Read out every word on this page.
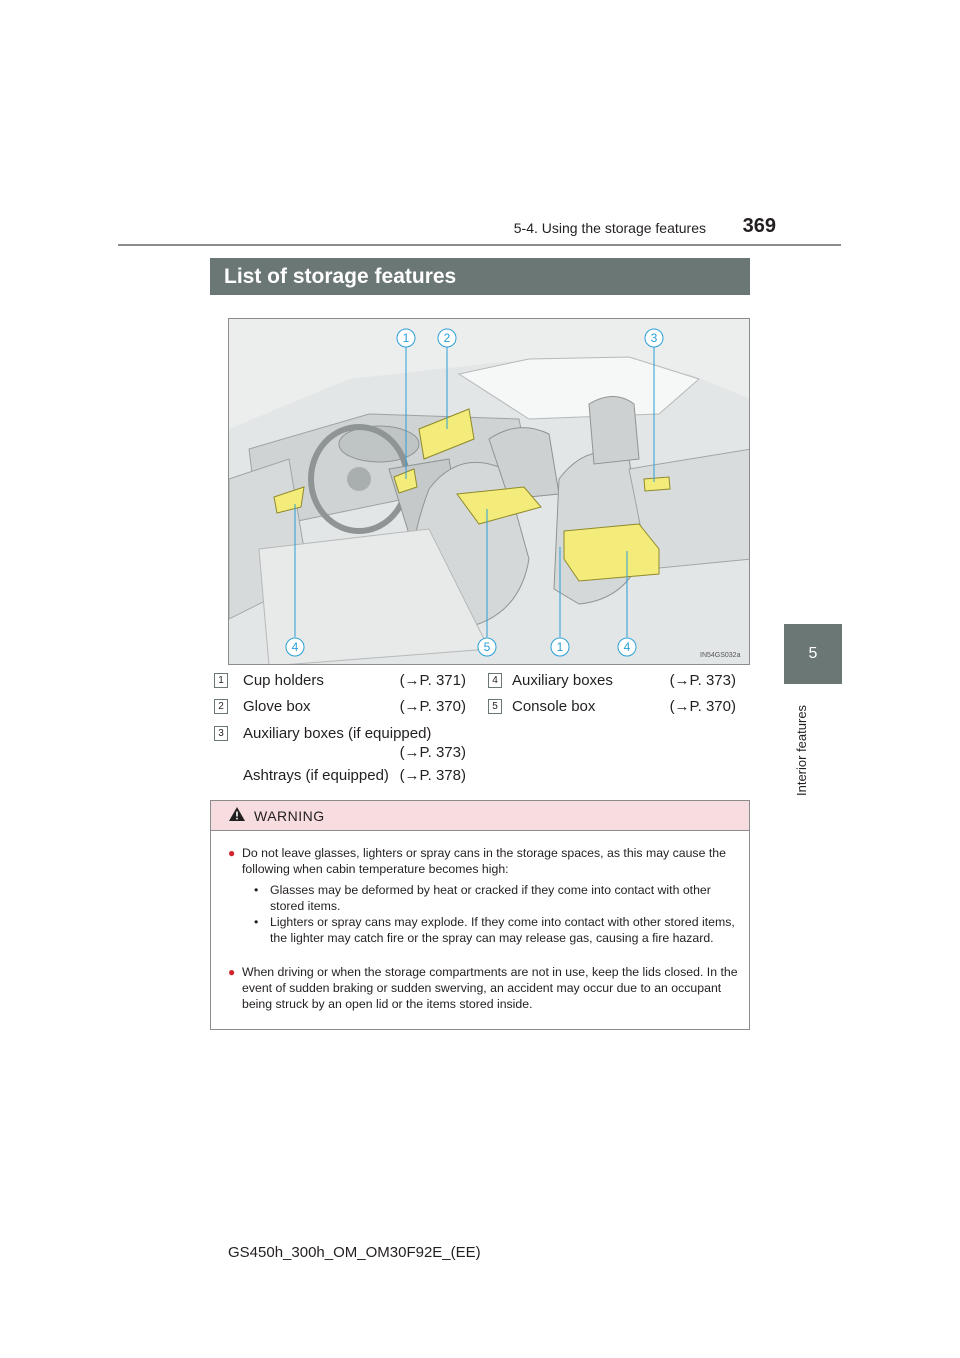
5-4. Using the storage features	369
5
Interior features
List of storage features
1	2	3
4	5	1	4
IN54GS032a
1 Cup holders	(→P. 371)
2 Glove box	(→P. 370)
3 Auxiliary boxes (if equipped)
(→P. 373)
Ashtrays (if equipped) (→P. 378)
4 Auxiliary boxes	(→P. 373)
5 Console box	(→P. 370)
WARNING
● Do not leave glasses, lighters or spray cans in the storage spaces, as this may cause the following when cabin temperature becomes high:
• Glasses may be deformed by heat or cracked if they come into contact with other stored items.
• Lighters or spray cans may explode. If they come into contact with other stored items, the lighter may catch fire or the spray can may release gas, causing a fire hazard.
● When driving or when the storage compartments are not in use, keep the lids closed. In the event of sudden braking or sudden swerving, an accident may occur due to an occupant being struck by an open lid or the items stored inside.
GS450h_300h_OM_OM30F92E_(EE)
